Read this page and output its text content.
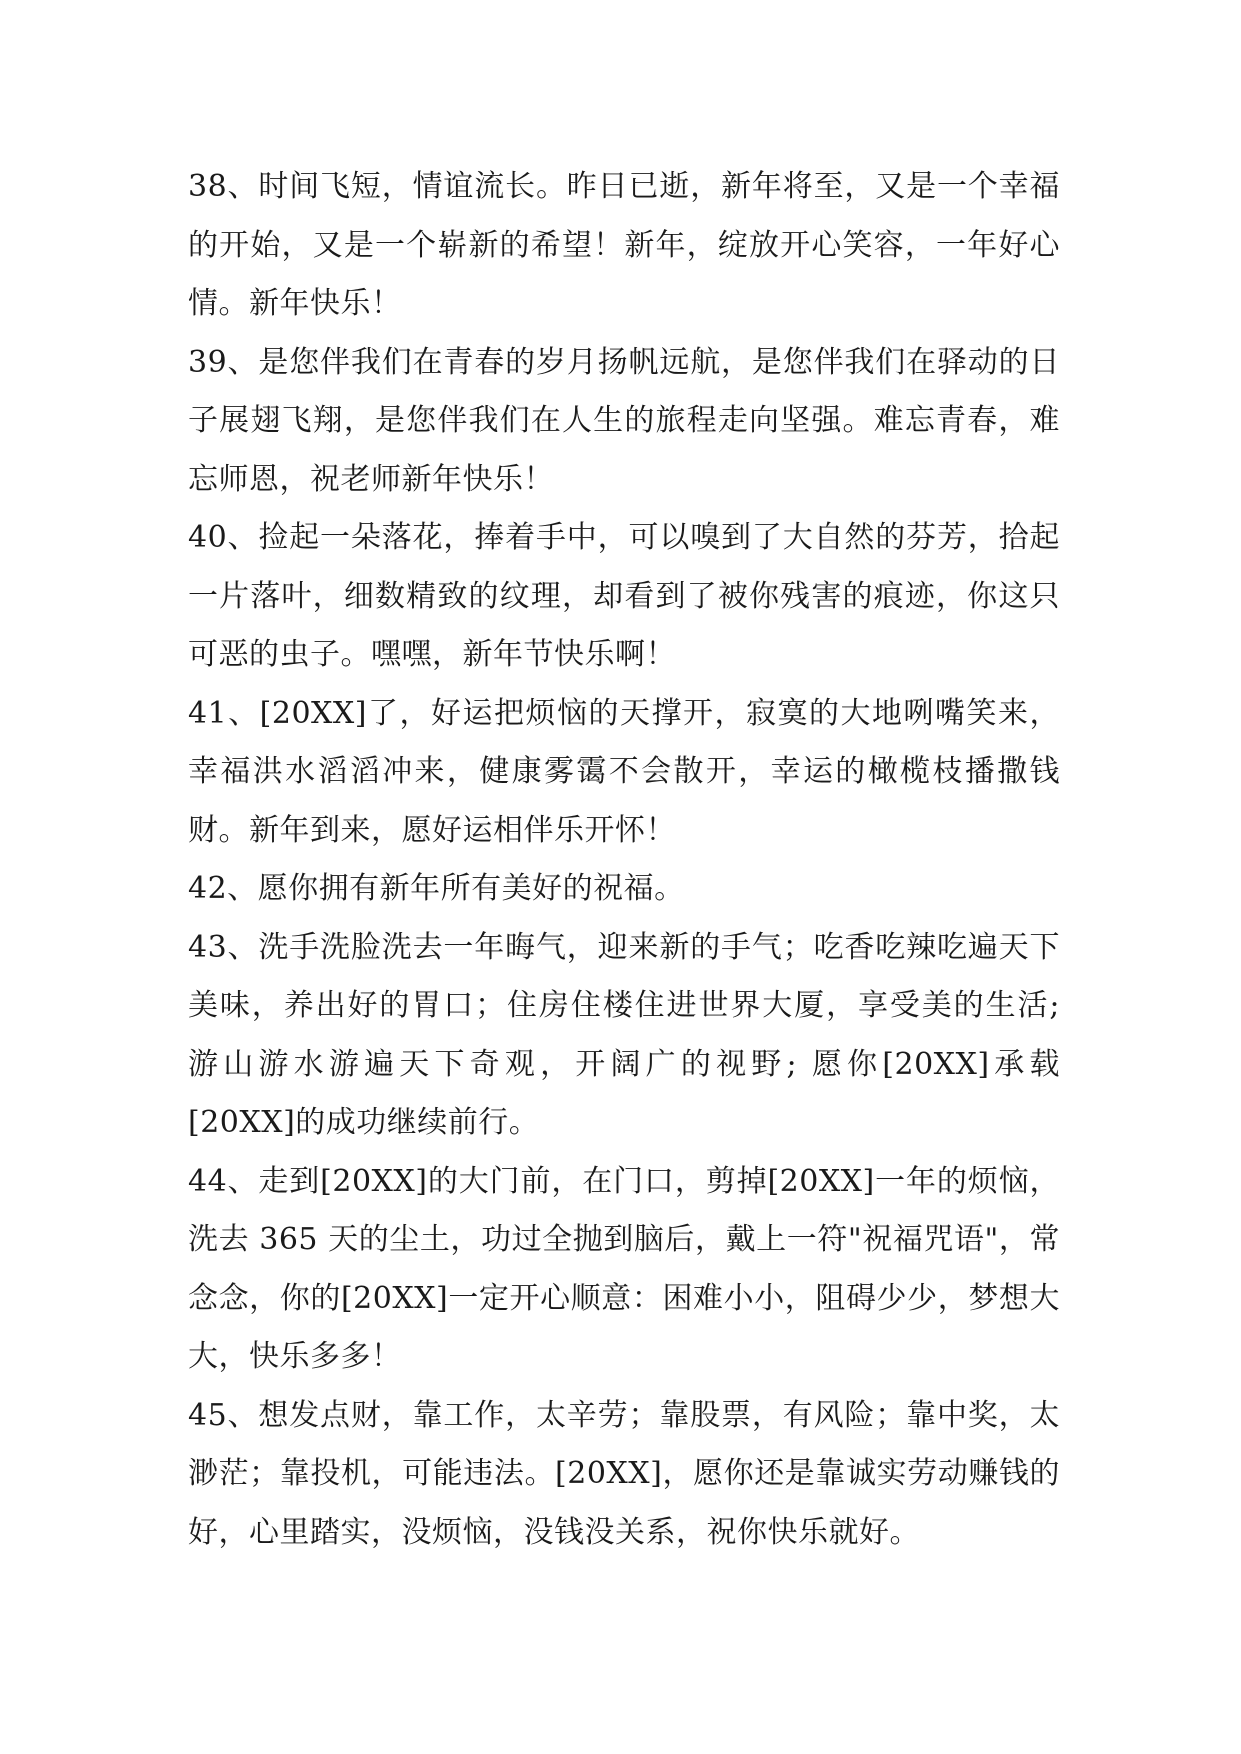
38、时间飞短，情谊流长。昨日已逝，新年将至，又是一个幸福的开始，又是一个崭新的希望！新年，绽放开心笑容，一年好心情。新年快乐！

39、是您伴我们在青春的岁月扬帆远航，是您伴我们在驿动的日子展翅飞翔，是您伴我们在人生的旅程走向坚强。难忘青春，难忘师恩，祝老师新年快乐！

40、捡起一朵落花，捧着手中，可以嗅到了大自然的芬芳，拾起一片落叶，细数精致的纹理，却看到了被你残害的痕迹，你这只可恶的虫子。嘿嘿，新年节快乐啊！

41、[20XX]了，好运把烦恼的天撑开，寂寞的大地咧嘴笑来，幸福洪水滔滔冲来，健康雾霭不会散开，幸运的橄榄枝播撒钱财。新年到来，愿好运相伴乐开怀！

42、愿你拥有新年所有美好的祝福。

43、洗手洗脸洗去一年晦气，迎来新的手气；吃香吃辣吃遍天下美味，养出好的胃口；住房住楼住进世界大厦，享受美的生活; 游山游水游遍天下奇观，开阔广的视野; 愿你[20XX]承载[20XX]的成功继续前行。

44、走到[20XX]的大门前，在门口，剪掉[20XX]一年的烦恼，洗去 365 天的尘土，功过全抛到脑后，戴上一符"祝福咒语"，常念念，你的[20XX]一定开心顺意：困难小小，阻碍少少，梦想大大，快乐多多！

45、想发点财，靠工作，太辛劳；靠股票，有风险；靠中奖，太渺茫；靠投机，可能违法。[20XX]，愿你还是靠诚实劳动赚钱的好，心里踏实，没烦恼，没钱没关系，祝你快乐就好。
